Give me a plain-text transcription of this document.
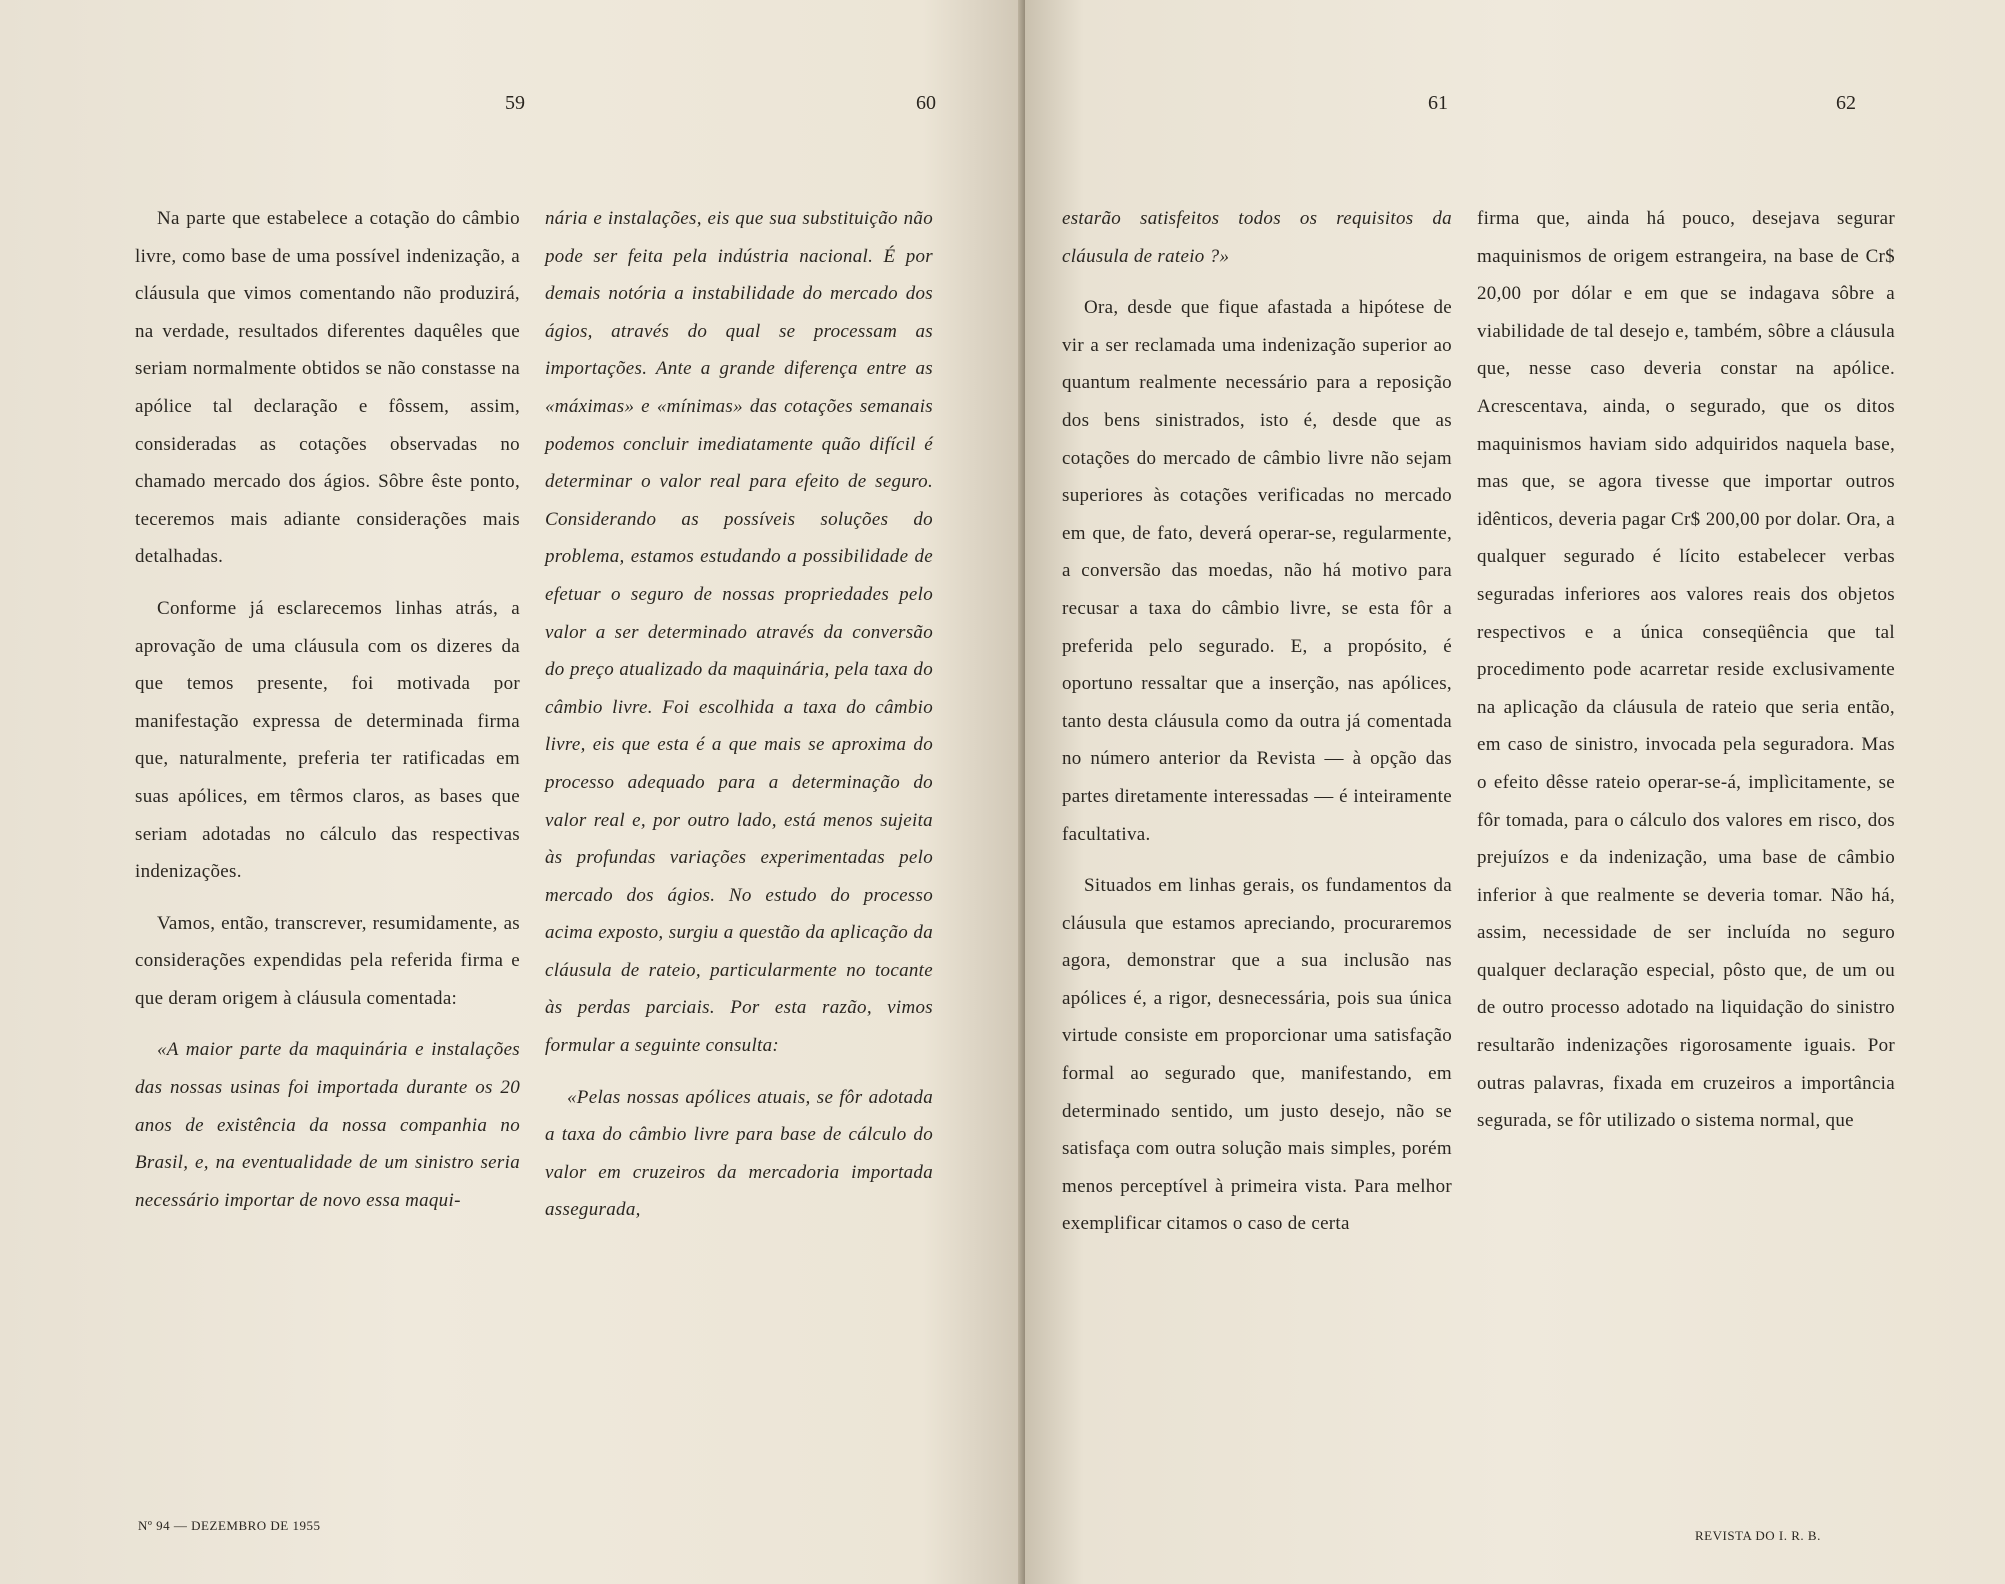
59	60

Na parte que estabelece a cotação do câmbio livre, como base de uma possível indenização, a cláusula que vimos comentando não produzirá, na verdade, resultados diferentes daquêles que seriam normalmente obtidos se não constasse na apólice tal declaração e fôssem, assim, consideradas as cotações observadas no chamado mercado dos ágios. Sôbre êste ponto, teceremos mais adiante considerações mais detalhadas.

Conforme já esclarecemos linhas atrás, a aprovação de uma cláusula com os dizeres da que temos presente, foi motivada por manifestação expressa de determinada firma que, naturalmente, preferia ter ratificadas em suas apólices, em têrmos claros, as bases que seriam adotadas no cálculo das respectivas indenizações.

Vamos, então, transcrever, resumidamente, as considerações expendidas pela referida firma e que deram origem à cláusula comentada:

«A maior parte da maquinária e instalações das nossas usinas foi importada durante os 20 anos de existência da nossa companhia no Brasil, e, na eventualidade de um sinistro seria necessário importar de novo essa maqui-

nária e instalações, eis que sua substituição não pode ser feita pela indústria nacional. É por demais notória a instabilidade do mercado dos ágios, através do qual se processam as importações. Ante a grande diferença entre as «máximas» e «mínimas» das cotações semanais podemos concluir imediatamente quão difícil é determinar o valor real para efeito de seguro. Considerando as possíveis soluções do problema, estamos estudando a possibilidade de efetuar o seguro de nossas propriedades pelo valor a ser determinado através da conversão do preço atualizado da maquinária, pela taxa do câmbio livre. Foi escolhida a taxa do câmbio livre, eis que esta é a que mais se aproxima do processo adequado para a determinação do valor real e, por outro lado, está menos sujeita às profundas variações experimentadas pelo mercado dos ágios. No estudo do processo acima exposto, surgiu a questão da aplicação da cláusula de rateio, particularmente no tocante às perdas parciais. Por esta razão, vimos formular a seguinte consulta:

«Pelas nossas apólices atuais, se fôr adotada a taxa do câmbio livre para base de cálculo do valor em cruzeiros da mercadoria importada assegurada,

Nº 94 — DEZEMBRO DE 1955
61	62

estarão satisfeitos todos os requisitos da cláusula de rateio ?»

Ora, desde que fique afastada a hipótese de vir a ser reclamada uma indenização superior ao quantum realmente necessário para a reposição dos bens sinistrados, isto é, desde que as cotações do mercado de câmbio livre não sejam superiores às cotações verificadas no mercado em que, de fato, deverá operar-se, regularmente, a conversão das moedas, não há motivo para recusar a taxa do câmbio livre, se esta fôr a preferida pelo segurado. E, a propósito, é oportuno ressaltar que a inserção, nas apólices, tanto desta cláusula como da outra já comentada no número anterior da Revista — à opção das partes diretamente interessadas — é inteiramente facultativa.

Situados em linhas gerais, os fundamentos da cláusula que estamos apreciando, procuraremos agora, demonstrar que a sua inclusão nas apólices é, a rigor, desnecessária, pois sua única virtude consiste em proporcionar uma satisfação formal ao segurado que, manifestando, em determinado sentido, um justo desejo, não se satisfaça com outra solução mais simples, porém menos perceptível à primeira vista. Para melhor exemplificar citamos o caso de certa

firma que, ainda há pouco, desejava segurar maquinismos de origem estrangeira, na base de Cr$ 20,00 por dólar e em que se indagava sôbre a viabilidade de tal desejo e, também, sôbre a cláusula que, nesse caso deveria constar na apólice. Acrescentava, ainda, o segurado, que os ditos maquinismos haviam sido adquiridos naquela base, mas que, se agora tivesse que importar outros idênticos, deveria pagar Cr$ 200,00 por dolar. Ora, a qualquer segurado é lícito estabelecer verbas seguradas inferiores aos valores reais dos objetos respectivos e a única conseqüência que tal procedimento pode acarretar reside exclusivamente na aplicação da cláusula de rateio que seria então, em caso de sinistro, invocada pela seguradora. Mas o efeito dêsse rateio operar-se-á, implìcitamente, se fôr tomada, para o cálculo dos valores em risco, dos prejuízos e da indenização, uma base de câmbio inferior à que realmente se deveria tomar. Não há, assim, necessidade de ser incluída no seguro qualquer declaração especial, pôsto que, de um ou de outro processo adotado na liquidação do sinistro resultarão indenizações rigorosamente iguais. Por outras palavras, fixada em cruzeiros a importância segurada, se fôr utilizado o sistema normal, que

REVISTA DO I. R. B.
